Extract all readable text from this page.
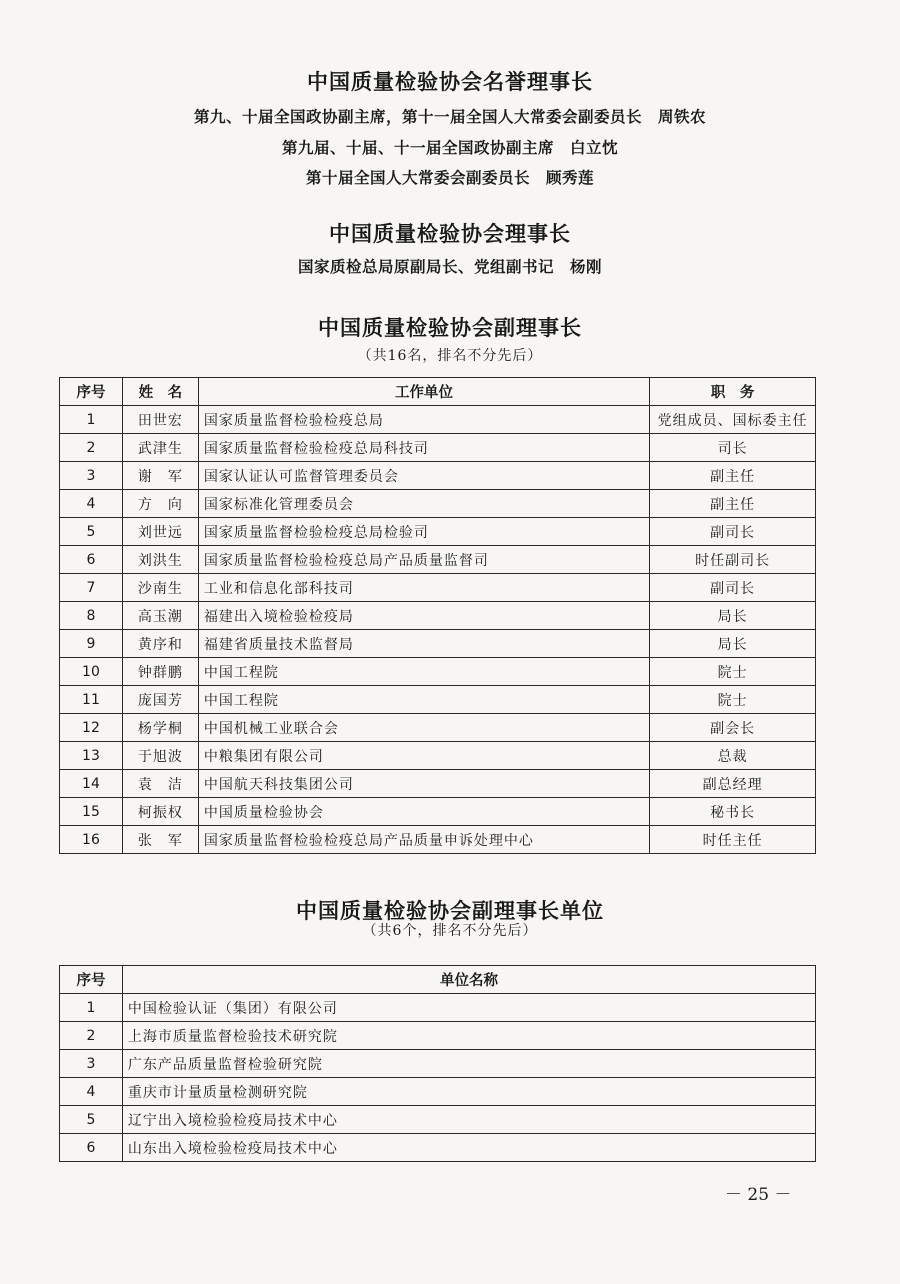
中国质量检验协会名誉理事长
第九、十届全国政协副主席，第十一届全国人大常委会副委员长　周铁农
第九届、十届、十一届全国政协副主席　白立忱
第十届全国人大常委会副委员长　顾秀莲
中国质量检验协会理事长
国家质检总局原副局长、党组副书记　杨刚
中国质量检验协会副理事长
（共16名，排名不分先后）
序号	姓　名	工作单位	职　务
1	田世宏	国家质量监督检验检疫总局	党组成员、国标委主任
2	武津生	国家质量监督检验检疫总局科技司	司长
3	谢　军	国家认证认可监督管理委员会	副主任
4	方　向	国家标准化管理委员会	副主任
5	刘世远	国家质量监督检验检疫总局检验司	副司长
6	刘洪生	国家质量监督检验检疫总局产品质量监督司	时任副司长
7	沙南生	工业和信息化部科技司	副司长
8	高玉潮	福建出入境检验检疫局	局长
9	黄序和	福建省质量技术监督局	局长
10	钟群鹏	中国工程院	院士
11	庞国芳	中国工程院	院士
12	杨学桐	中国机械工业联合会	副会长
13	于旭波	中粮集团有限公司	总裁
14	袁　洁	中国航天科技集团公司	副总经理
15	柯振权	中国质量检验协会	秘书长
16	张　军	国家质量监督检验检疫总局产品质量申诉处理中心	时任主任
中国质量检验协会副理事长单位
（共6个，排名不分先后）
序号	单位名称
1	中国检验认证（集团）有限公司
2	上海市质量监督检验技术研究院
3	广东产品质量监督检验研究院
4	重庆市计量质量检测研究院
5	辽宁出入境检验检疫局技术中心
6	山东出入境检验检疫局技术中心
－ 25 －
